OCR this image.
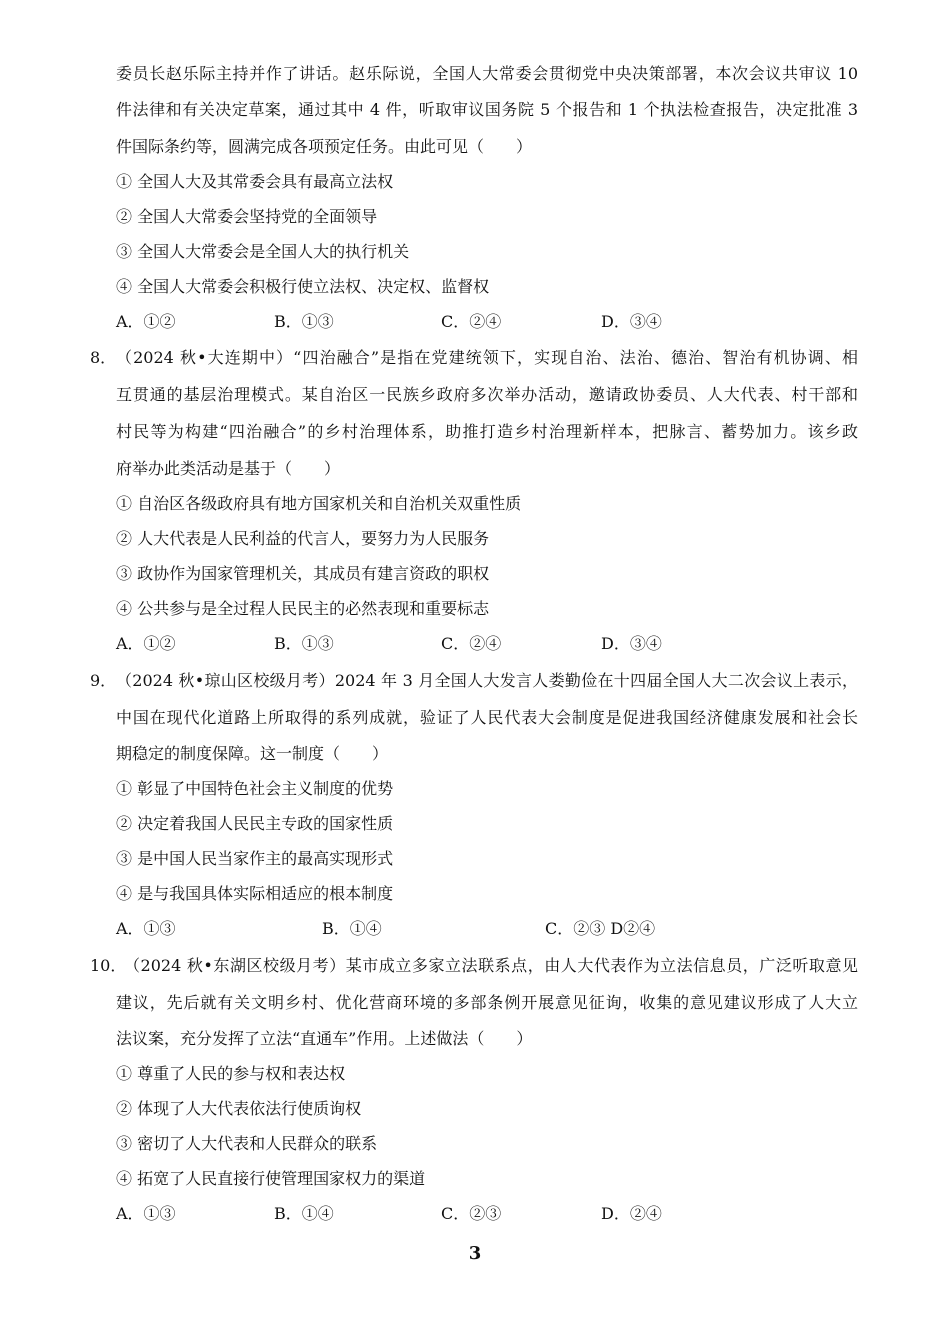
委员长赵乐际主持并作了讲话。赵乐际说，全国人大常委会贯彻党中央决策部署，本次会议共审议 10
件法律和有关决定草案，通过其中 4 件，听取审议国务院 5 个报告和 1 个执法检查报告，决定批准 3
件国际条约等，圆满完成各项预定任务。由此可见（　　）
① 全国人大及其常委会具有最高立法权
② 全国人大常委会坚持党的全面领导
③ 全国人大常委会是全国人大的执行机关
④ 全国人大常委会积极行使立法权、决定权、监督权
A．①②	B．①③	C．②④	D．③④
8． （2024 秋•大连期中）“四治融合”是指在党建统领下，实现自治、法治、德治、智治有机协调、相
互贯通的基层治理模式。某自治区一民族乡政府多次举办活动，邀请政协委员、人大代表、村干部和
村民等为构建“四治融合”的乡村治理体系，助推打造乡村治理新样本，把脉言、蓄势加力。该乡政
府举办此类活动是基于（　　）
① 自治区各级政府具有地方国家机关和自治机关双重性质
② 人大代表是人民利益的代言人，要努力为人民服务
③ 政协作为国家管理机关，其成员有建言资政的职权
④ 公共参与是全过程人民民主的必然表现和重要标志
A．①②	B．①③	C．②④	D．③④
9． （2024 秋•琼山区校级月考）2024 年 3 月全国人大发言人娄勤俭在十四届全国人大二次会议上表示，
中国在现代化道路上所取得的系列成就，验证了人民代表大会制度是促进我国经济健康发展和社会长
期稳定的制度保障。这一制度（　　）
① 彰显了中国特色社会主义制度的优势
② 决定着我国人民民主专政的国家性质
③ 是中国人民当家作主的最高实现形式
④ 是与我国具体实际相适应的根本制度
A．①③	B．①④	C．②③ D②④
10．
（2024 秋•东湖区校级月考）某市成立多家立法联系点，由人大代表作为立法信息员，广泛听取意见
建议，先后就有关文明乡村、优化营商环境的多部条例开展意见征询，收集的意见建议形成了人大立
法议案，充分发挥了立法“直通车”作用。上述做法（　　）
① 尊重了人民的参与权和表达权
② 体现了人大代表依法行使质询权
③ 密切了人大代表和人民群众的联系
④ 拓宽了人民直接行使管理国家权力的渠道
A．①③	B．①④	C．②③	D．②④
3
